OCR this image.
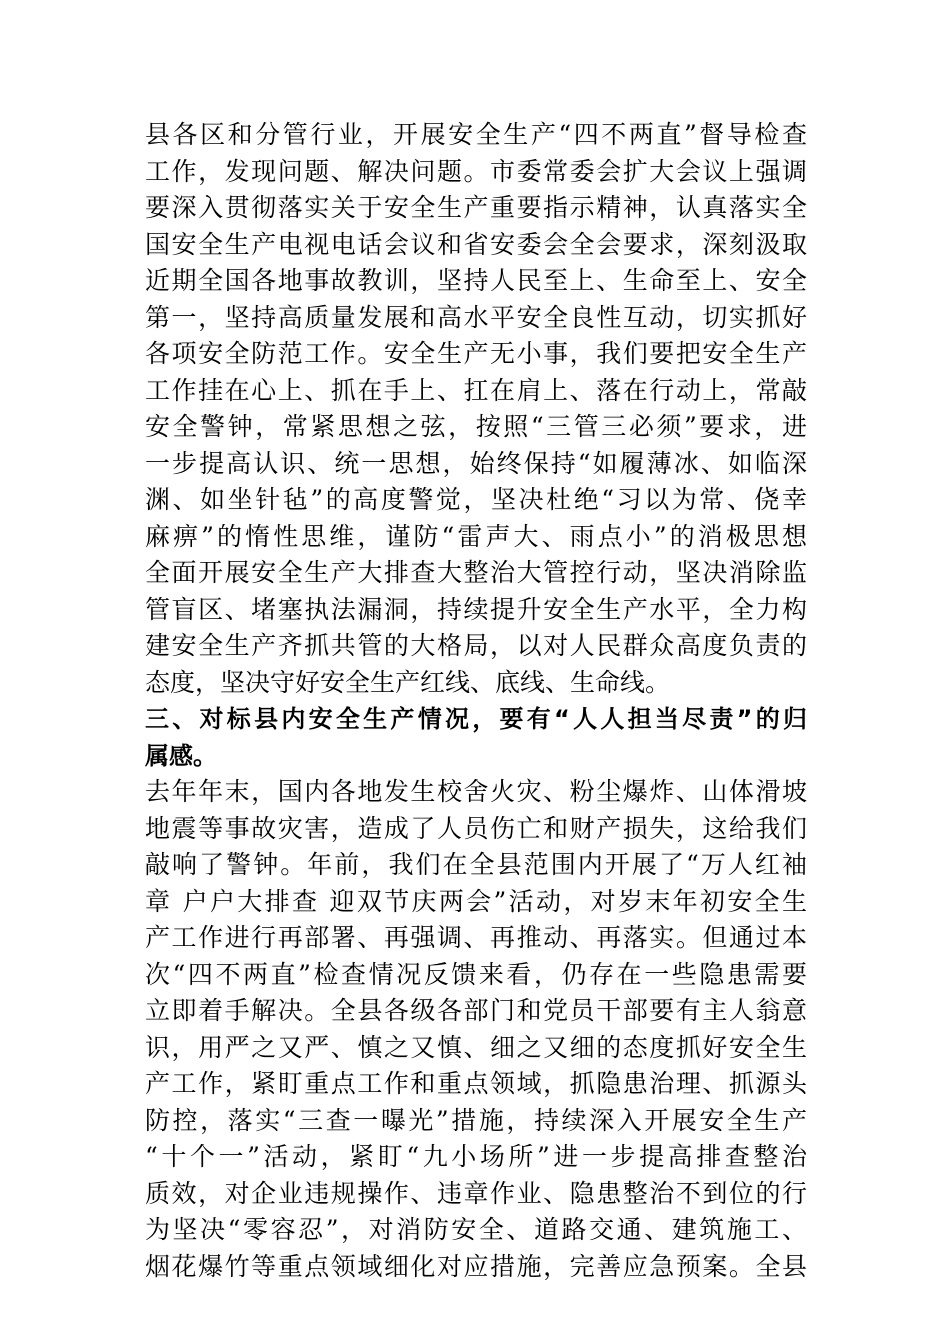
县各区和分管行业，开展安全生产“四不两直”督导检查
工作，发现问题、解决问题。市委常委会扩大会议上强调
要深入贯彻落实关于安全生产重要指示精神，认真落实全
国安全生产电视电话会议和省安委会全会要求，深刻汲取
近期全国各地事故教训，坚持人民至上、生命至上、安全
第一，坚持高质量发展和高水平安全良性互动，切实抓好
各项安全防范工作。安全生产无小事，我们要把安全生产
工作挂在心上、抓在手上、扛在肩上、落在行动上，常敲
安全警钟，常紧思想之弦，按照“三管三必须”要求，进
一步提高认识、统一思想，始终保持“如履薄冰、如临深
渊、如坐针毡”的高度警觉，坚决杜绝“习以为常、侥幸
麻痹”的惰性思维，谨防“雷声大、雨点小”的消极思想
全面开展安全生产大排查大整治大管控行动，坚决消除监
管盲区、堵塞执法漏洞，持续提升安全生产水平，全力构
建安全生产齐抓共管的大格局，以对人民群众高度负责的
态度，坚决守好安全生产红线、底线、生命线。
三、对标县内安全生产情况，要有“人人担当尽责”的归
属感。
去年年末，国内各地发生校舍火灾、粉尘爆炸、山体滑坡
地震等事故灾害，造成了人员伤亡和财产损失，这给我们
敲响了警钟。年前，我们在全县范围内开展了“万人红袖
章 户户大排查 迎双节庆两会”活动，对岁末年初安全生
产工作进行再部署、再强调、再推动、再落实。但通过本
次“四不两直”检查情况反馈来看，仍存在一些隐患需要
立即着手解决。全县各级各部门和党员干部要有主人翁意
识，用严之又严、慎之又慎、细之又细的态度抓好安全生
产工作，紧盯重点工作和重点领域，抓隐患治理、抓源头
防控，落实“三查一曝光”措施，持续深入开展安全生产
“十个一”活动，紧盯“九小场所”进一步提高排查整治
质效，对企业违规操作、违章作业、隐患整治不到位的行
为坚决“零容忍”，对消防安全、道路交通、建筑施工、
烟花爆竹等重点领域细化对应措施，完善应急预案。全县
